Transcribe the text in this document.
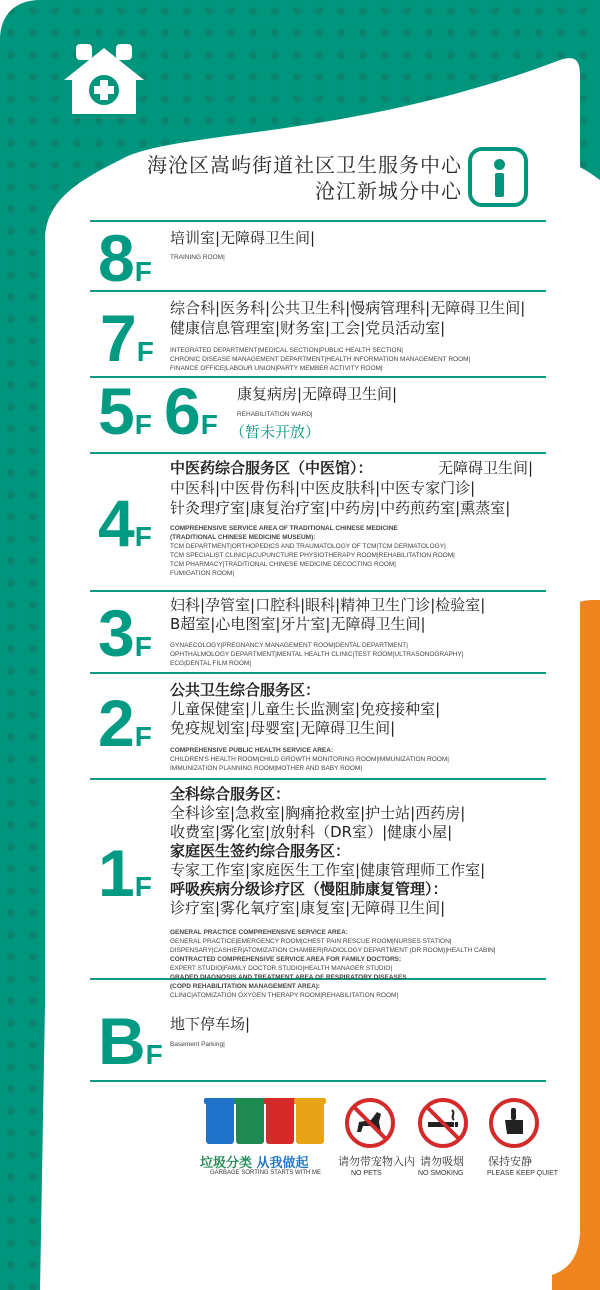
海沧区嵩屿街道社区卫生服务中心
沧江新城分中心
8F
培训室|无障碍卫生间|
TRAINING ROOM|
7F
综合科|医务科|公共卫生科|慢病管理科|无障碍卫生间|
健康信息管理室|财务室|工会|党员活动室|
INTEGRATED DEPARTMENT|MEDICAL SECTION|PUBLIC HEALTH SECTION|
CHRONIC DISEASE MANAGEMENT DEPARTMENT|HEALTH INFORMATION MANAGEMENT ROOM|
FINANCE OFFICE|LABOUR UNION|PARTY MEMBER ACTIVITY ROOM|
5F 6F
康复病房|无障碍卫生间|
REHABILITATION WARD|
（暂未开放）
4F
中医药综合服务区（中医馆）：	无障碍卫生间|
中医科|中医骨伤科|中医皮肤科|中医专家门诊|
针灸理疗室|康复治疗室|中药房|中药煎药室|熏蒸室|
COMPREHENSIVE SERVICE AREA OF TRADITIONAL CHINESE MEDICINE
(TRADITIONAL CHINESE MEDICINE MUSEUM):
TCM DEPARTMENT|ORTHOPEDICS AND TRAUMATOLOGY OF TCM|TCM DERMATOLOGY|
TCM SPECIALIST CLINIC|ACUPUNCTURE PHYSIOTHERAPY ROOM|REHABILITATION ROOM|
TCM PHARMACY|TRADITIONAL CHINESE MEDICINE DECOCTING ROOM|
FUMIGATION ROOM|
3F
妇科|孕管室|口腔科|眼科|精神卫生门诊|检验室|
B超室|心电图室|牙片室|无障碍卫生间|
GYNAECOLOGY|PREGNANCY MANAGEMENT ROOM|DENTAL DEPARTMENT|
OPHTHALMOLOGY DEPARTMENT|MENTAL HEALTH CLINIC|TEST ROOM|ULTRASONOGRAPHY|
ECG|DENTAL FILM ROOM|
2F
公共卫生综合服务区：
儿童保健室|儿童生长监测室|免疫接种室|
免疫规划室|母婴室|无障碍卫生间|
COMPREHENSIVE PUBLIC HEALTH SERVICE AREA:
CHILDREN'S HEALTH ROOM|CHILD GROWTH MONITORING ROOM|IMMUNIZATION ROOM|
IMMUNIZATION PLANNING ROOM|MOTHER AND BABY ROOM|
1F
全科综合服务区：
全科诊室|急救室|胸痛抢救室|护士站|西药房|
收费室|雾化室|放射科（DR室）|健康小屋|
家庭医生签约综合服务区：
专家工作室|家庭医生工作室|健康管理师工作室|
呼吸疾病分级诊疗区（慢阻肺康复管理）：
诊疗室|雾化氧疗室|康复室|无障碍卫生间|
GENERAL PRACTICE COMPREHENSIVE SERVICE AREA:
GENERAL PRACTICE|EMERGENCY ROOM|CHEST PAIN RESCUE ROOM|NURSES STATION|
DISPENSARY|CASHIER|ATOMIZATION CHAMBER|RADIOLOGY DEPARTMENT (DR ROOM)|HEALTH CABIN|
CONTRACTED COMPREHENSIVE SERVICE AREA FOR FAMILY DOCTORS:
EXPERT STUDIO|FAMILY DOCTOR STUDIO|HEALTH MANAGER STUDIO|
GRADED DIAGNOSIS AND TREATMENT AREA OF RESPIRATORY DISEASES
(COPD REHABILITATION MANAGEMENT AREA):
CLINIC|ATOMIZATION OXYGEN THERAPY ROOM|REHABILITATION ROOM|
BF
地下停车场|
Basement Parking|
垃圾分类 从我做起
GARBAGE SORTING STARTS WITH ME
请勿带宠物入内
NO PETS
请勿吸烟
NO SMOKING
保持安静
PLEASE KEEP QUIET
